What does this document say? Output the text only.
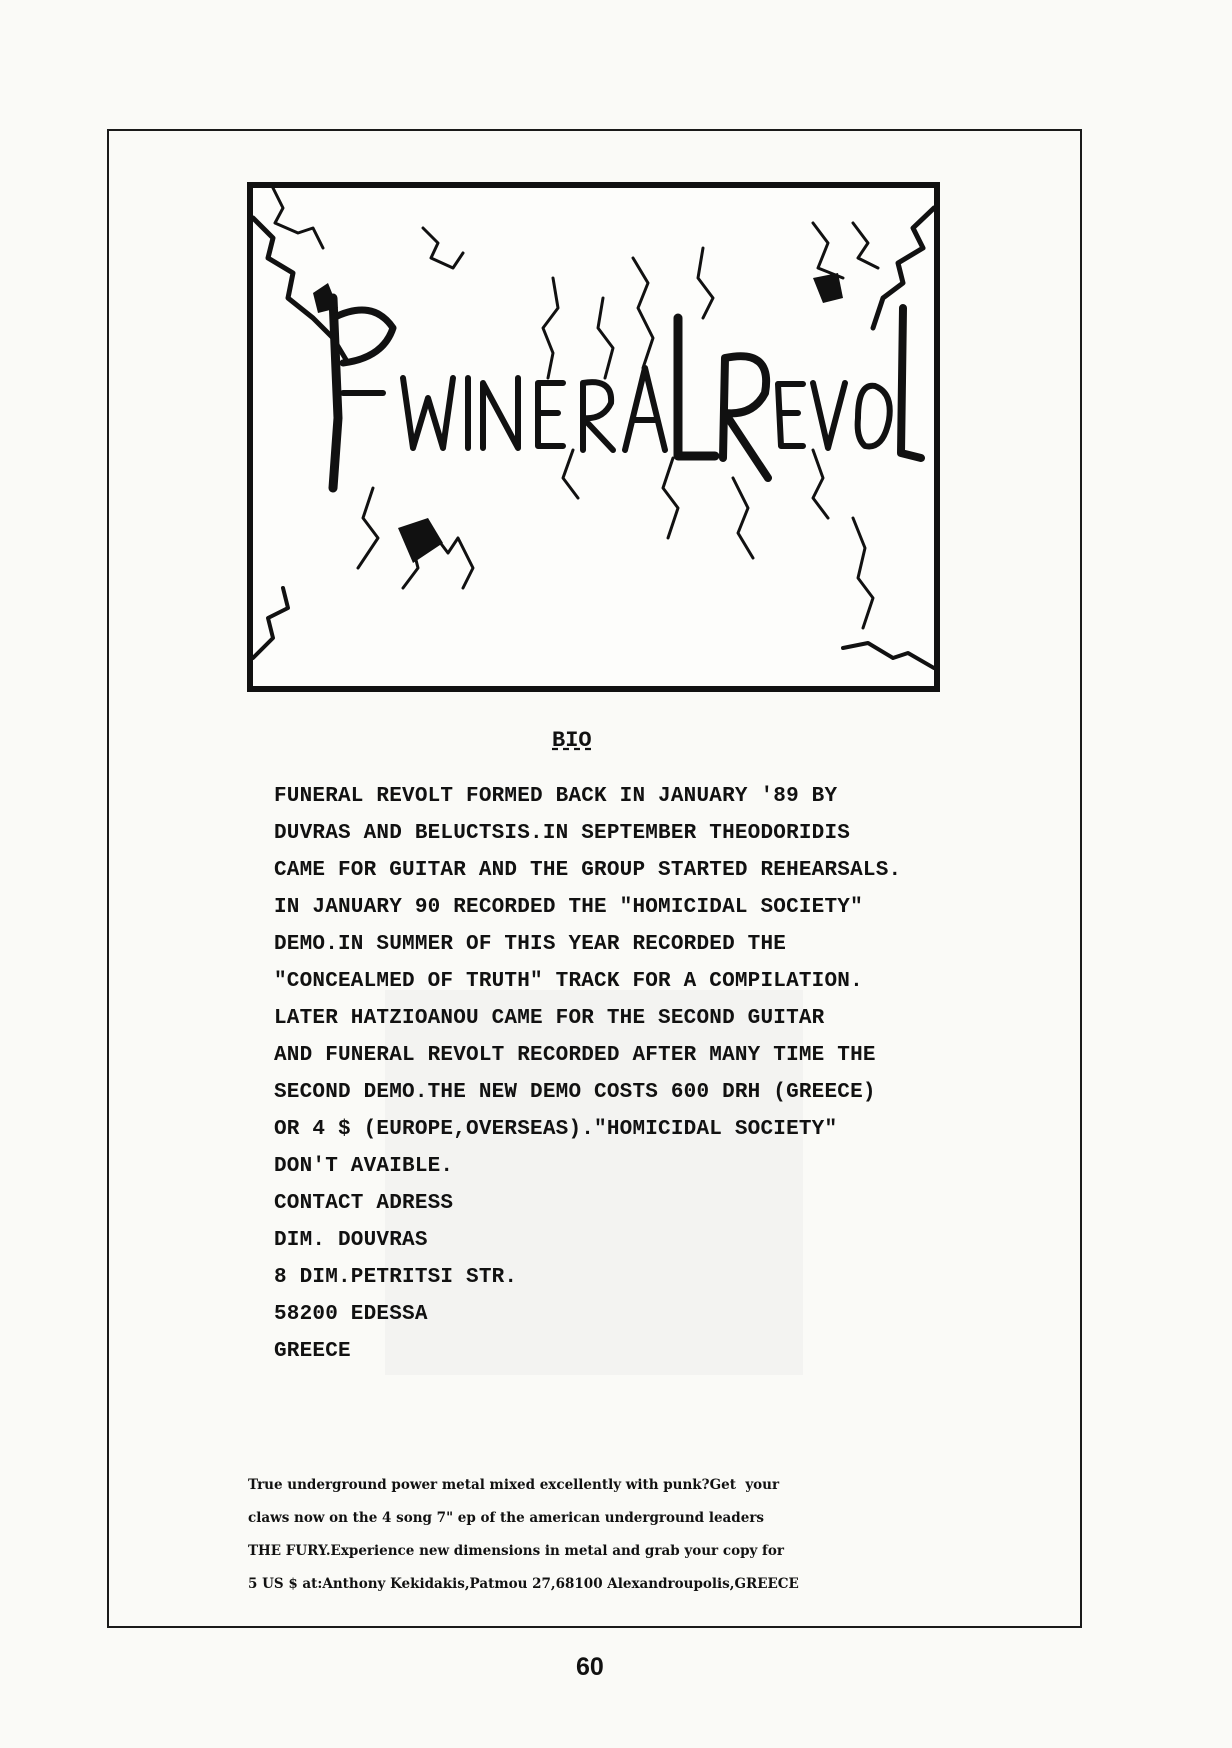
BIO
FUNERAL REVOLT FORMED BACK IN JANUARY '89 BY
DUVRAS AND BELUCTSIS.IN SEPTEMBER THEODORIDIS
CAME FOR GUITAR AND THE GROUP STARTED REHEARSALS.
IN JANUARY 90 RECORDED THE "HOMICIDAL SOCIETY"
DEMO.IN SUMMER OF THIS YEAR RECORDED THE
"CONCEALMED OF TRUTH" TRACK FOR A COMPILATION.
LATER HATZIOANOU CAME FOR THE SECOND GUITAR
AND FUNERAL REVOLT RECORDED AFTER MANY TIME THE
SECOND DEMO.THE NEW DEMO COSTS 600 DRH (GREECE)
OR 4 $ (EUROPE,OVERSEAS)."HOMICIDAL SOCIETY"
DON'T AVAIBLE.
CONTACT ADRESS
DIM. DOUVRAS
8 DIM.PETRITSI STR.
58200 EDESSA
GREECE
True underground power metal mixed excellently with punk?Get  your
claws now on the 4 song 7" ep of the american underground leaders
THE FURY.Experience new dimensions in metal and grab your copy for
5 US $ at:Anthony Kekidakis,Patmou 27,68100 Alexandroupolis,GREECE
60
